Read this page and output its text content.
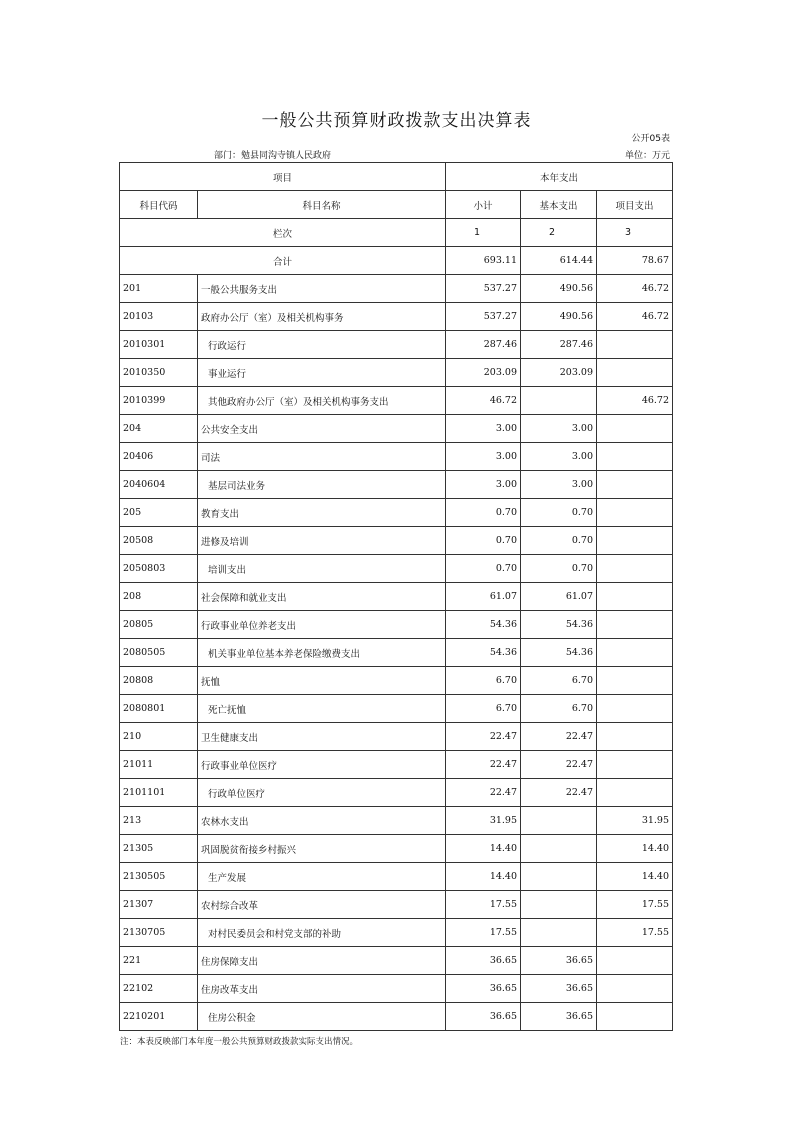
一般公共预算财政拨款支出决算表
公开05表
部门：勉县同沟寺镇人民政府	单位：万元
项目		本年支出		
科目代码	科目名称	小计	基本支出	项目支出
栏次		1	2	3
合计		693.11	614.44	78.67
201	一般公共服务支出	537.27	490.56	46.72
20103	政府办公厅（室）及相关机构事务	537.27	490.56	46.72
2010301	行政运行	287.46	287.46	
2010350	事业运行	203.09	203.09	
2010399	其他政府办公厅（室）及相关机构事务支出	46.72		46.72
204	公共安全支出	3.00	3.00	
20406	司法	3.00	3.00	
2040604	基层司法业务	3.00	3.00	
205	教育支出	0.70	0.70	
20508	进修及培训	0.70	0.70	
2050803	培训支出	0.70	0.70	
208	社会保障和就业支出	61.07	61.07	
20805	行政事业单位养老支出	54.36	54.36	
2080505	机关事业单位基本养老保险缴费支出	54.36	54.36	
20808	抚恤	6.70	6.70	
2080801	死亡抚恤	6.70	6.70	
210	卫生健康支出	22.47	22.47	
21011	行政事业单位医疗	22.47	22.47	
2101101	行政单位医疗	22.47	22.47	
213	农林水支出	31.95		31.95
21305	巩固脱贫衔接乡村振兴	14.40		14.40
2130505	生产发展	14.40		14.40
21307	农村综合改革	17.55		17.55
2130705	对村民委员会和村党支部的补助	17.55		17.55
221	住房保障支出	36.65	36.65	
22102	住房改革支出	36.65	36.65	
2210201	住房公积金	36.65	36.65	
注：本表反映部门本年度一般公共预算财政拨款实际支出情况。
